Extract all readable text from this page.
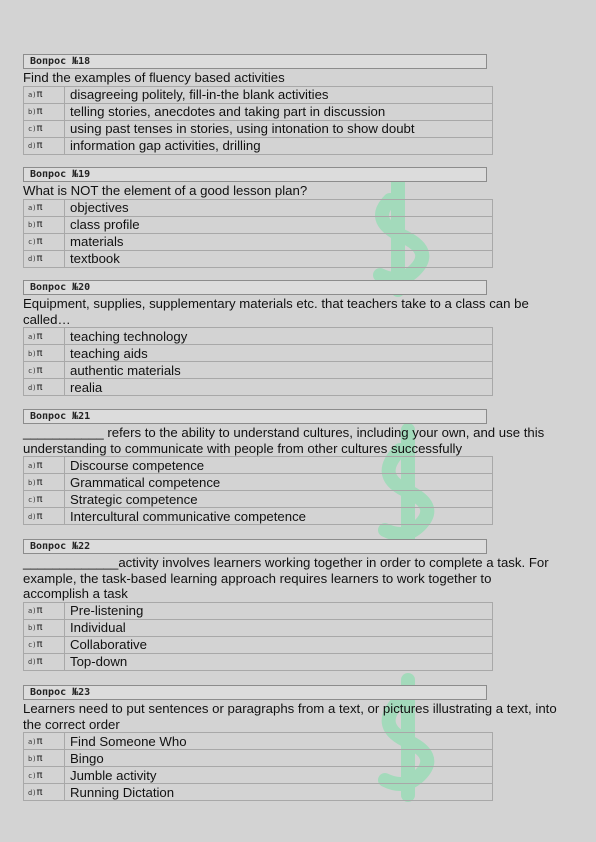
Вопрос №18
Find the examples of fluency based activities
a)π	disagreeing politely, fill-in-the blank activities
b)π	telling stories, anecdotes and taking part in discussion
c)π	using past tenses in stories, using intonation to show doubt
d)π	information gap activities, drilling
Вопрос №19
What is NOT the element of a good lesson plan?
a)π	objectives
b)π	class profile
c)π	materials
d)π	textbook
Вопрос №20
Equipment, supplies, supplementary materials etc. that teachers take to a class can be called…
a)π	teaching technology
b)π	teaching aids
c)π	authentic materials
d)π	realia
Вопрос №21
___________ refers to the ability to understand cultures, including your own, and use this understanding to communicate with people from other cultures successfully
a)π	Discourse competence
b)π	Grammatical competence
c)π	Strategic competence
d)π	Intercultural communicative competence
Вопрос №22
_____________activity involves learners working together in order to complete a task. For example, the task-based learning approach requires learners to work together to accomplish a task
a)π	Pre-listening
b)π	Individual
c)π	Collaborative
d)π	Top-down
Вопрос №23
Learners need to put sentences or paragraphs from a text, or pictures illustrating a text, into the correct order
a)π	Find Someone Who
b)π	Bingo
c)π	Jumble activity
d)π	Running Dictation
